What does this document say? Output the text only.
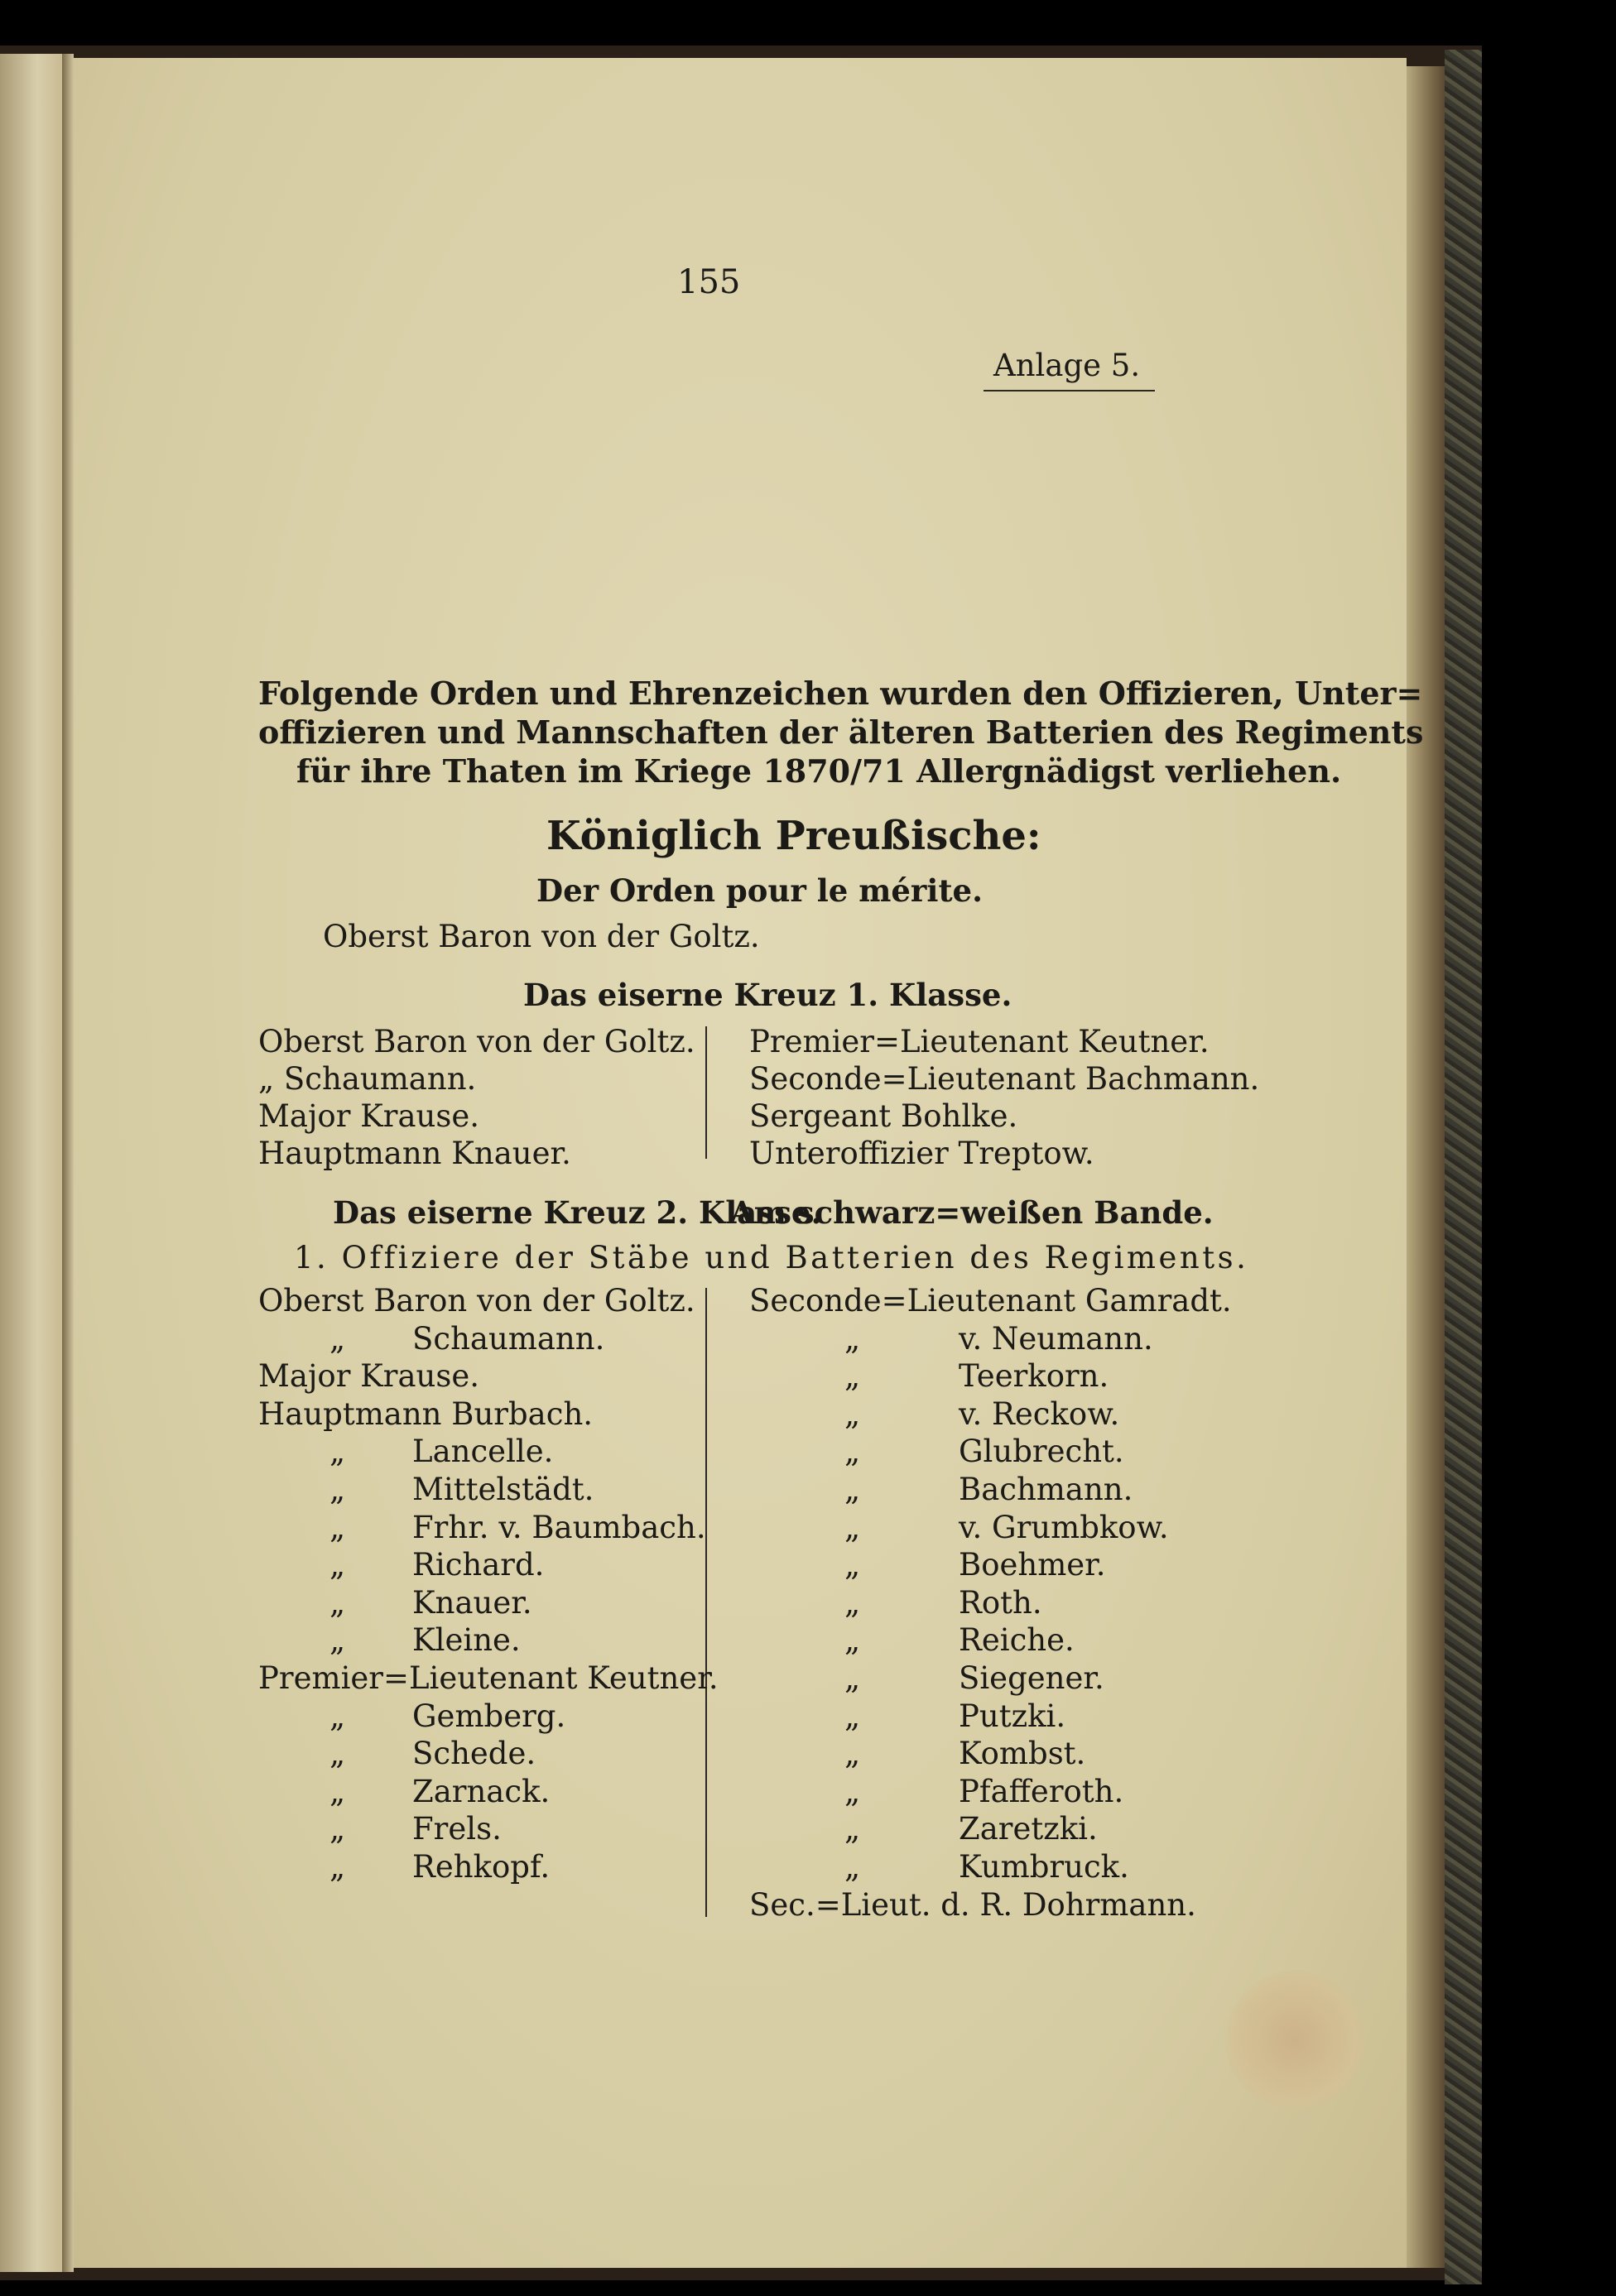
155
Anlage 5.
Folgende Orden und Ehrenzeichen wurden den Offizieren, Unter=
offizieren und Mannschaften der älteren Batterien des Regiments
für ihre Thaten im Kriege 1870/71 Allergnädigst verliehen.
Königlich Preußische:
Der Orden pour le mérite.
Oberst Baron von der Goltz.
Das eiserne Kreuz 1. Klasse.
Oberst Baron von der Goltz.
„ Schaumann.
Major Krause.
Hauptmann Knauer.
Premier=Lieutenant Keutner.
Seconde=Lieutenant Bachmann.
Sergeant Bohlke.
Unteroffizier Treptow.
Das eiserne Kreuz 2. Klasse.
Am schwarz=weißen Bande.
1. Offiziere der Stäbe und Batterien des Regiments.
Oberst Baron von der Goltz.
„ Schaumann.
Major Krause.
Hauptmann Burbach.
„ Lancelle.
„ Mittelstädt.
„ Frhr. v. Baumbach.
„ Richard.
„ Knauer.
„ Kleine.
Premier=Lieutenant Keutner.
„ Gemberg.
„ Schede.
„ Zarnack.
„ Frels.
„ Rehkopf.
Seconde=Lieutenant Gamradt.
„	v. Neumann.
„	Teerkorn.
„	v. Reckow.
„	Glubrecht.
„	Bachmann.
„	v. Grumbkow.
„	Boehmer.
„	Roth.
„	Reiche.
„	Siegener.
„	Putzki.
„	Kombst.
„	Pfafferoth.
„	Zaretzki.
„	Kumbruck.
Sec.=Lieut. d. R. Dohrmann.
